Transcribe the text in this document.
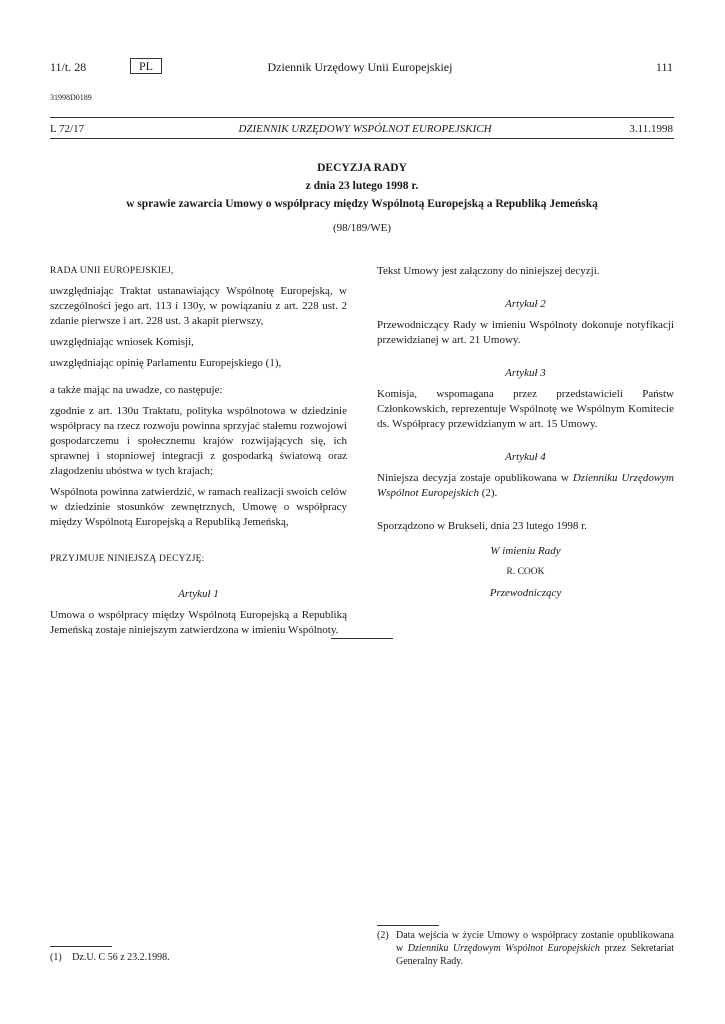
11/t. 28	PL	Dziennik Urzędowy Unii Europejskiej	111
31998D0189
L 72/17	DZIENNIK URZĘDOWY WSPÓLNOT EUROPEJSKICH	3.11.1998
DECYZJA RADY
z dnia 23 lutego 1998 r.
w sprawie zawarcia Umowy o współpracy między Wspólnotą Europejską a Republiką Jemeńską
(98/189/WE)

RADA UNII EUROPEJSKIEJ,

uwzględniając Traktat ustanawiający Wspólnotę Europejską, w szczególności jego art. 113 i 130y, w powiązaniu z art. 228 ust. 2 zdanie pierwsze i art. 228 ust. 3 akapit pierwszy,

uwzględniając wniosek Komisji,

uwzględniając opinię Parlamentu Europejskiego (1),

a także mając na uwadze, co następuje:

zgodnie z art. 130u Traktatu, polityka wspólnotowa w dziedzinie współpracy na rzecz rozwoju powinna sprzyjać stałemu rozwojowi gospodarczemu i społecznemu krajów rozwijających się, ich sprawnej i stopniowej integracji z gospodarką światową oraz złagodzeniu ubóstwa w tych krajach;

Wspólnota powinna zatwierdzić, w ramach realizacji swoich celów w dziedzinie stosunków zewnętrznych, Umowę o współpracy między Wspólnotą Europejską a Republiką Jemeńską,

PRZYJMUJE NINIEJSZĄ DECYZJĘ:

Artykuł 1

Umowa o współpracy między Wspólnotą Europejską a Republiką Jemeńską zostaje niniejszym zatwierdzona w imieniu Wspólnoty.

Tekst Umowy jest załączony do niniejszej decyzji.

Artykuł 2

Przewodniczący Rady w imieniu Wspólnoty dokonuje notyfikacji przewidzianej w art. 21 Umowy.

Artykuł 3

Komisja, wspomagana przez przedstawicieli Państw Członkowskich, reprezentuje Wspólnotę we Wspólnym Komitecie ds. Współpracy przewidzianym w art. 15 Umowy.

Artykuł 4

Niniejsza decyzja zostaje opublikowana w Dzienniku Urzędowym Wspólnot Europejskich (2).

Sporządzono w Brukseli, dnia 23 lutego 1998 r.

W imieniu Rady

R. COOK

Przewodniczący

(1) Dz.U. C 56 z 23.2.1998.
(2) Data wejścia w życie Umowy o współpracy zostanie opublikowana w Dzienniku Urzędowym Wspólnot Europejskich przez Sekretariat Generalny Rady.
